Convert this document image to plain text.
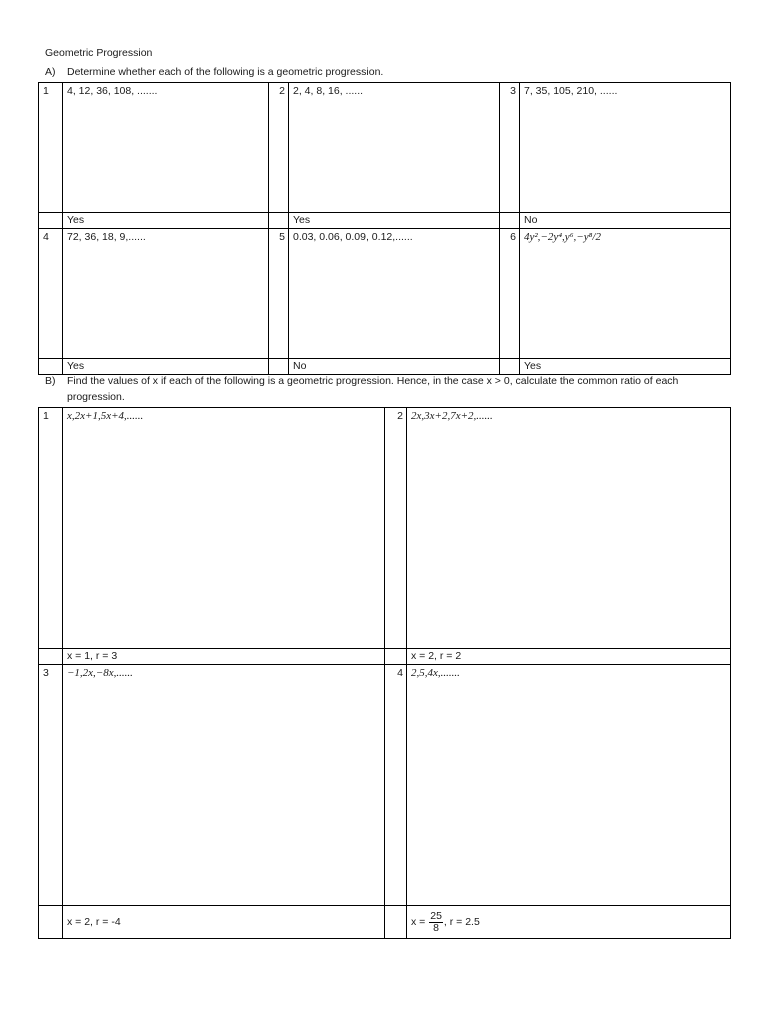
Geometric Progression
A) Determine whether each of the following is a geometric progression.
1	4, 12, 36, 108, .......	2	2, 4, 8, 16, ......	3	7, 35, 105, 210, ......
	Yes		Yes		No
4	72, 36, 18, 9,......	5	0.03, 0.06, 0.09, 0.12,......	6	4y²,−2y⁴,y⁶,−y⁸/2
	Yes		No		Yes
B) Find the values of x if each of the following is a geometric progression. Hence, in the case x > 0, calculate the common ratio of each progression.
1	x,2x+1,5x+4,......	2	2x,3x+2,7x+2,......
	x = 1, r = 3		x = 2, r = 2
3	−1,2x,−8x,......	4	2,5,4x,.......
	x = 2, r = -4		$x = \frac{25}{8}$ , r = 2.5
